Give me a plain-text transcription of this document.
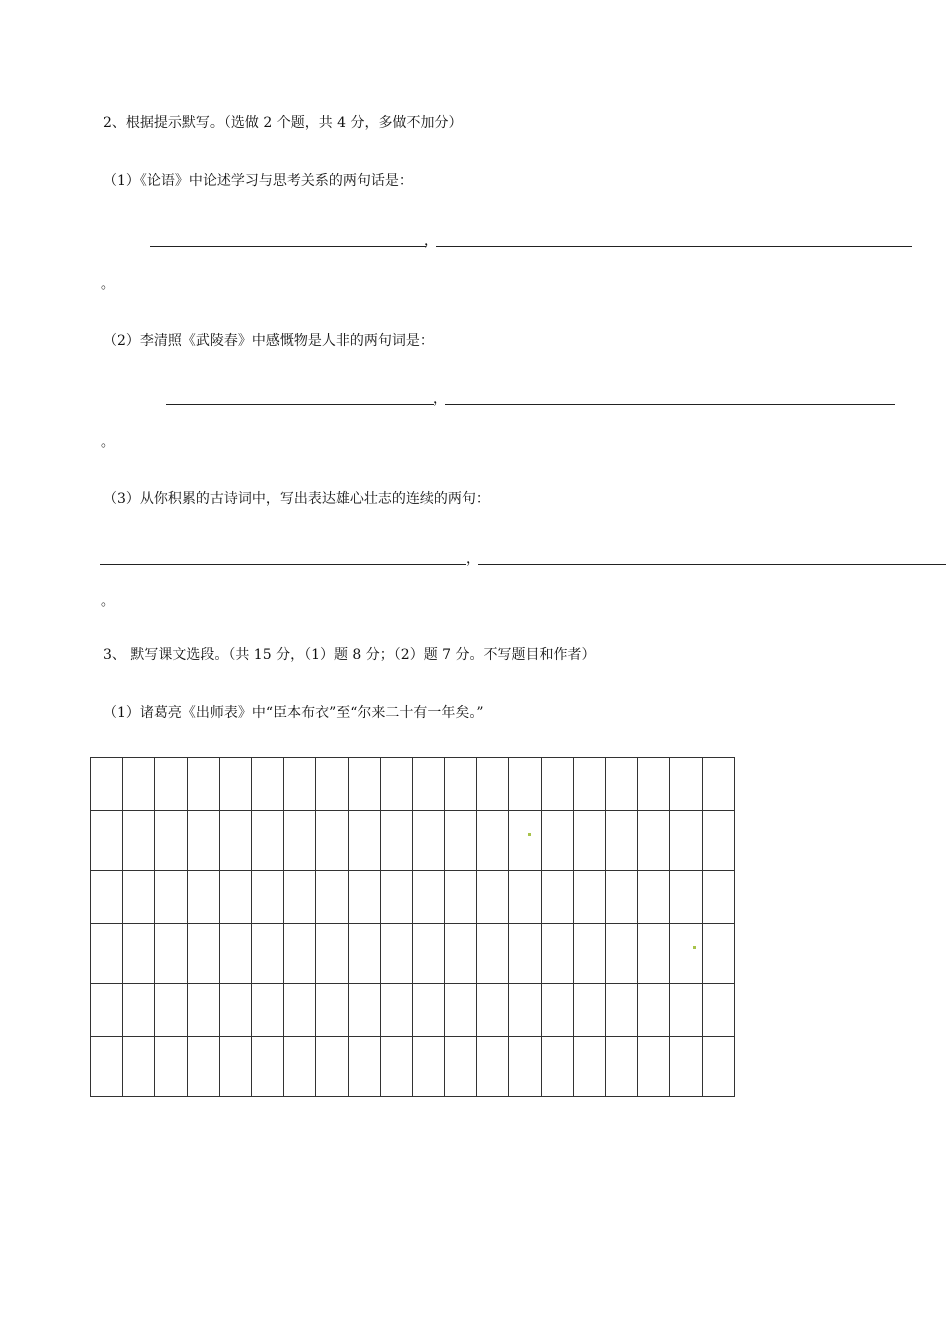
2、根据提示默写。（选做 2 个题，共 4 分，多做不加分）
（1）《论语》中论述学习与思考关系的两句话是：
，
。
（2）李清照《武陵春》中感慨物是人非的两句词是：
，
。
（3）从你积累的古诗词中，写出表达雄心壮志的连续的两句：
，
。
3、 默写课文选段。（共 15 分，（1）题 8 分；（2）题 7 分。不写题目和作者）
（1）诸葛亮《出师表》中“臣本布衣”至“尔来二十有一年矣。”
